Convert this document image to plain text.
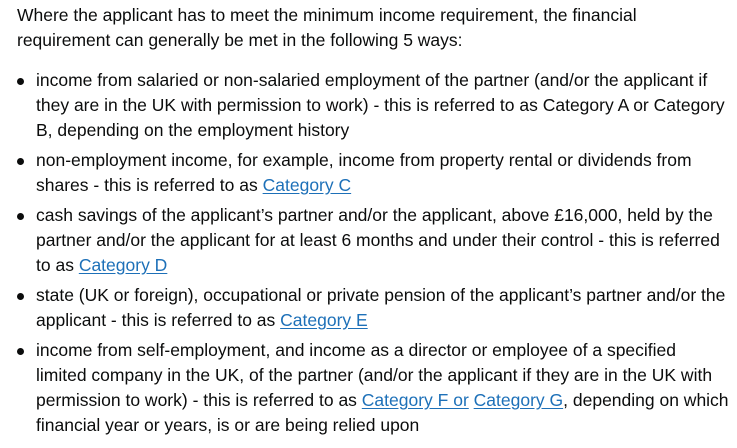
Where the applicant has to meet the minimum income requirement, the financial requirement can generally be met in the following 5 ways:

income from salaried or non-salaried employment of the partner (and/or the applicant if they are in the UK with permission to work) - this is referred to as Category A or Category B, depending on the employment history
non-employment income, for example, income from property rental or dividends from shares - this is referred to as Category C
cash savings of the applicant’s partner and/or the applicant, above £16,000, held by the partner and/or the applicant for at least 6 months and under their control - this is referred to as Category D
state (UK or foreign), occupational or private pension of the applicant’s partner and/or the applicant - this is referred to as Category E
income from self-employment, and income as a director or employee of a specified limited company in the UK, of the partner (and/or the applicant if they are in the UK with permission to work) - this is referred to as Category F or Category G, depending on which financial year or years, is or are being relied upon
